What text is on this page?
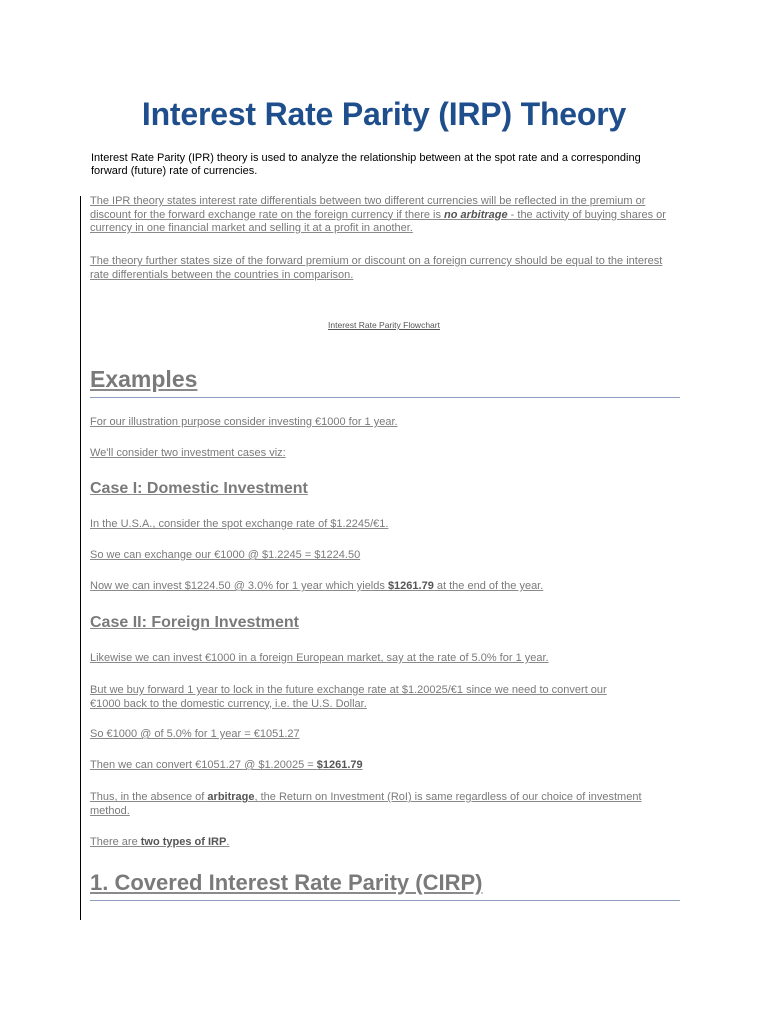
Interest Rate Parity (IRP) Theory

Interest Rate Parity (IPR) theory is used to analyze the relationship between at the spot rate and a corresponding forward (future) rate of currencies.

The IPR theory states interest rate differentials between two different currencies will be reflected in the premium or discount for the forward exchange rate on the foreign currency if there is no arbitrage - the activity of buying shares or currency in one financial market and selling it at a profit in another.

The theory further states size of the forward premium or discount on a foreign currency should be equal to the interest rate differentials between the countries in comparison.

Interest Rate Parity Flowchart

Examples

For our illustration purpose consider investing €1000 for 1 year.

We'll consider two investment cases viz:

Case I: Domestic Investment

In the U.S.A., consider the spot exchange rate of $1.2245/€1.

So we can exchange our €1000 @ $1.2245 = $1224.50

Now we can invest $1224.50 @ 3.0% for 1 year which yields $1261.79 at the end of the year.

Case II: Foreign Investment

Likewise we can invest €1000 in a foreign European market, say at the rate of 5.0% for 1 year.

But we buy forward 1 year to lock in the future exchange rate at $1.20025/€1 since we need to convert our €1000 back to the domestic currency, i.e. the U.S. Dollar.

So €1000 @ of 5.0% for 1 year = €1051.27

Then we can convert €1051.27 @ $1.20025 = $1261.79

Thus, in the absence of arbitrage, the Return on Investment (RoI) is same regardless of our choice of investment method.

There are two types of IRP.

1. Covered Interest Rate Parity (CIRP)
